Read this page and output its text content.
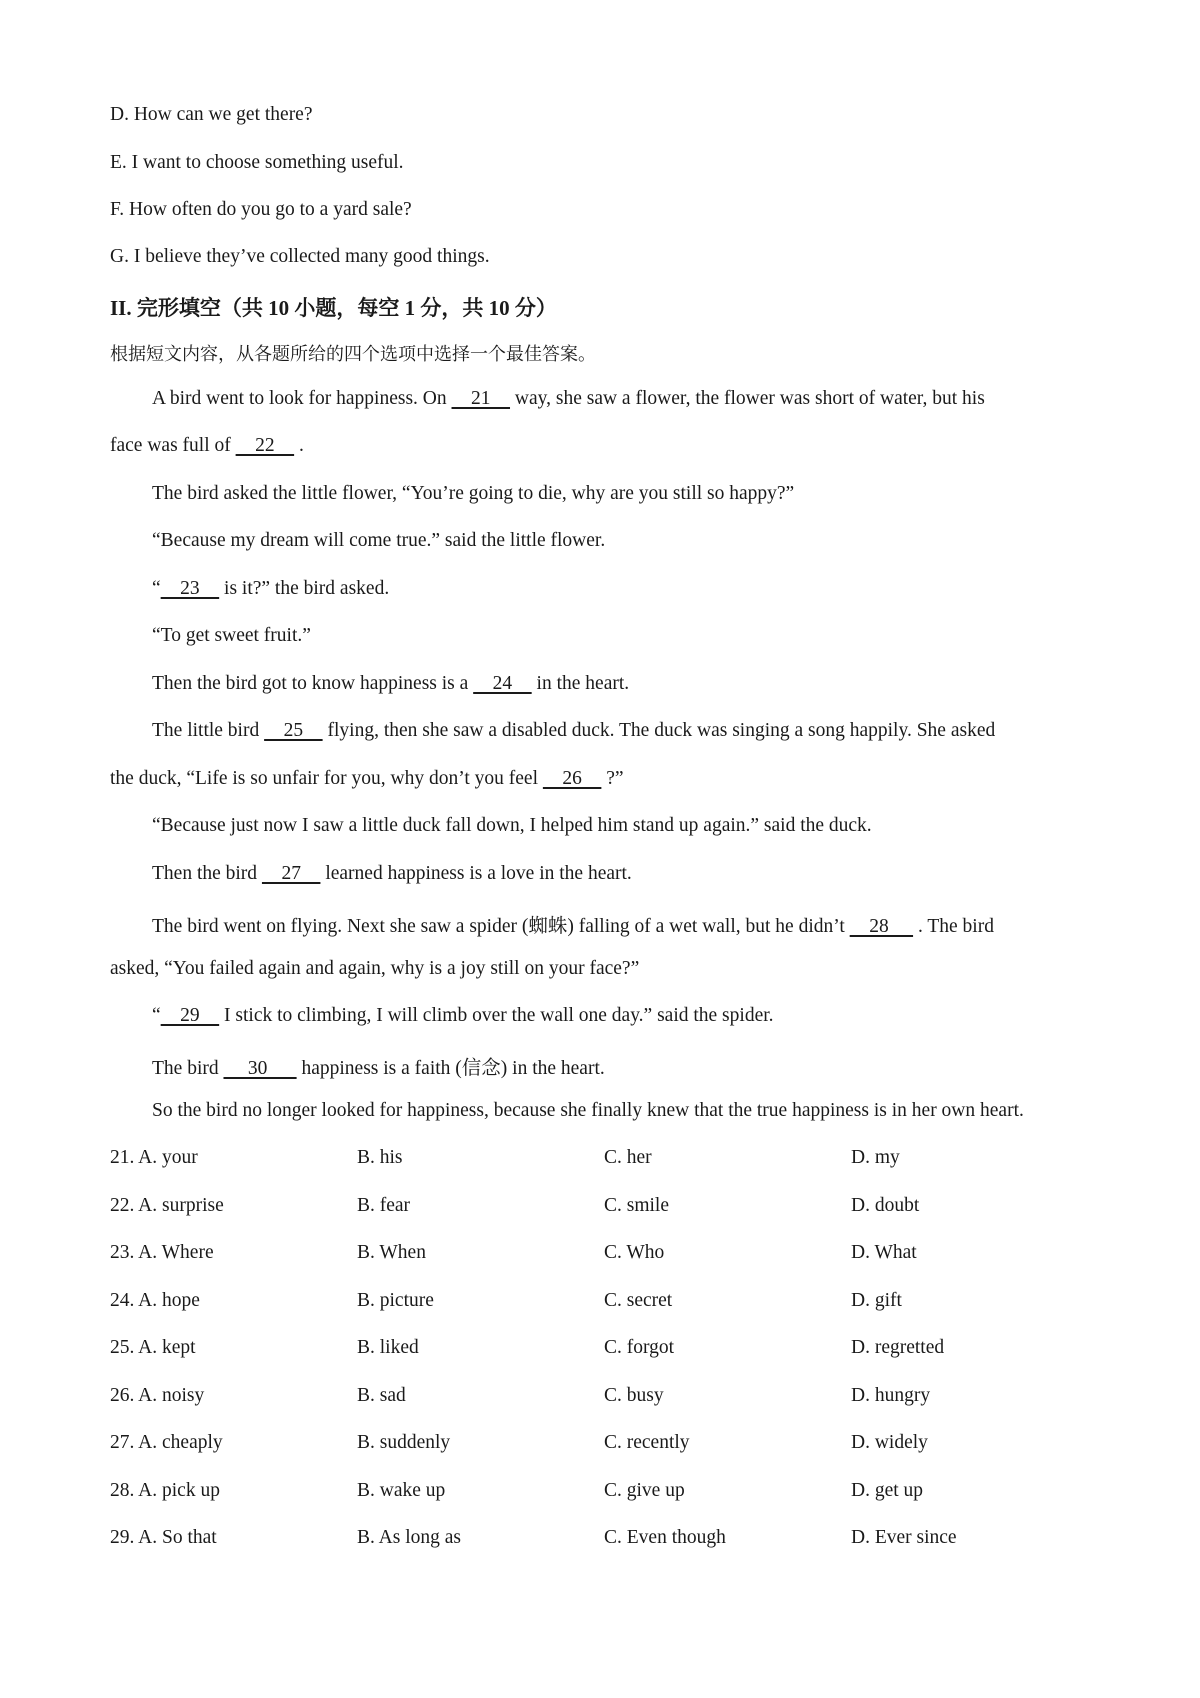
D. How can we get there?
E. I want to choose something useful.
F. How often do you go to a yard sale?
G. I believe they’ve collected many good things.
II. 完形填空（共 10 小题，每空 1 分，共 10 分）
根据短文内容，从各题所给的四个选项中选择一个最佳答案。
A bird went to look for happiness. On     21     way, she saw a flower, the flower was short of water, but his
face was full of     22     .
The bird asked the little flower, “You’re going to die, why are you still so happy?”
“Because my dream will come true.” said the little flower.
“    23     is it?” the bird asked.
“To get sweet fruit.”
Then the bird got to know happiness is a     24     in the heart.
The little bird     25     flying, then she saw a disabled duck. The duck was singing a song happily. She asked
the duck, “Life is so unfair for you, why don’t you feel     26     ?”
“Because just now I saw a little duck fall down, I helped him stand up again.” said the duck.
Then the bird     27     learned happiness is a love in the heart.
The bird went on flying. Next she saw a spider (蜘蛛) falling of a wet wall, but he didn’t     28      . The bird
asked, “You failed again and again, why is a joy still on your face?”
“    29     I stick to climbing, I will climb over the wall one day.” said the spider.
The bird      30       happiness is a faith (信念) in the heart.
So the bird no longer looked for happiness, because she finally knew that the true happiness is in her own heart.
21. A. your	B. his	C. her	D. my
22. A. surprise	B. fear	C. smile	D. doubt
23. A. Where	B. When	C. Who	D. What
24. A. hope	B. picture	C. secret	D. gift
25. A. kept	B. liked	C. forgot	D. regretted
26. A. noisy	B. sad	C. busy	D. hungry
27. A. cheaply	B. suddenly	C. recently	D. widely
28. A. pick up	B. wake up	C. give up	D. get up
29. A. So that	B. As long as	C. Even though	D. Ever since
